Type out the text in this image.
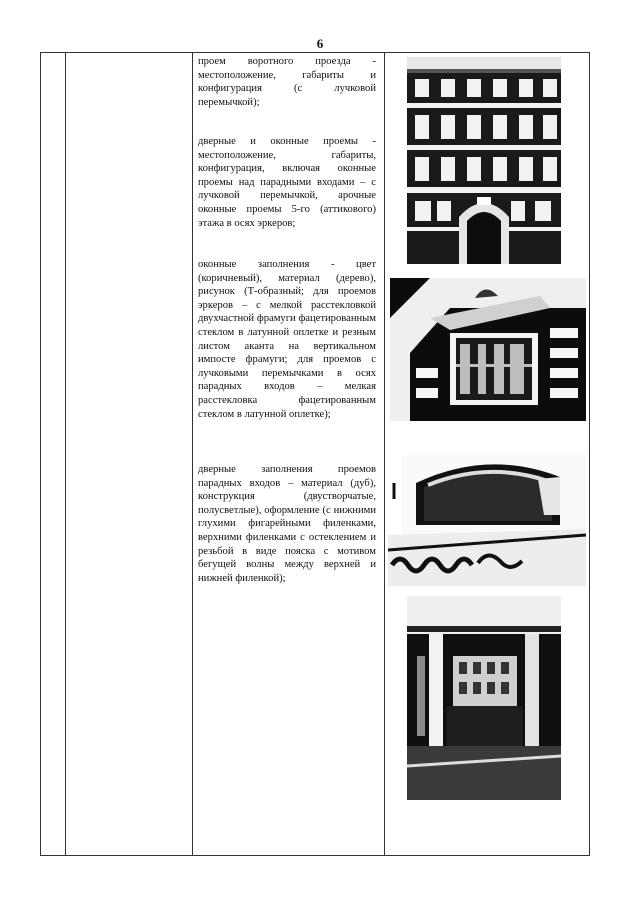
6
проем воротного проезда - местоположение, габариты и конфигурация (с лучковой перемычкой);
дверные и оконные проемы - местоположение, габариты, конфигурация, включая оконные проемы над парадными входами – с лучковой перемычкой, арочные оконные проемы 5-го (аттикового) этажа в осях эркеров;
оконные заполнения - цвет (коричневый), материал (дерево), рисунок (Т-образный; для проемов эркеров – с мелкой расстекловкой двухчастной фрамуги фацетированным стеклом в латунной оплетке и резным листом аканта на вертикальном импосте фрамуги; для проемов с лучковыми перемычками в осях парадных входов – мелкая расстекловка фацетированным стеклом в латунной оплетке);
дверные заполнения проемов парадных входов – материал (дуб), конструкция (двустворчатые, полусветлые), оформление (с нижними глухими фигарейными филенками, верхними филенками с остеклением и резьбой в виде пояска с мотивом бегущей волны между верхней и нижней филенкой);
